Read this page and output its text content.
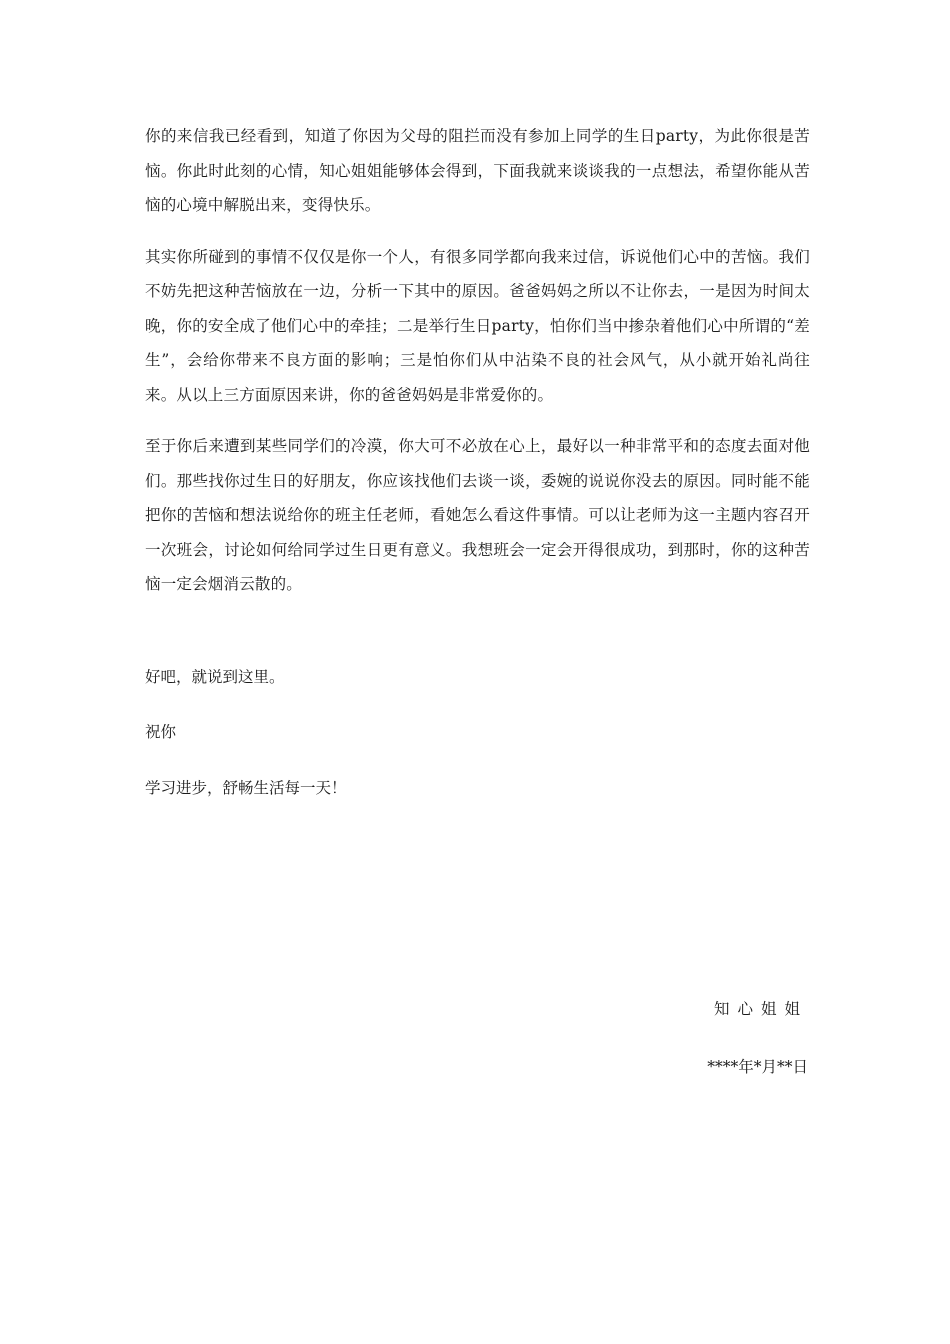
你的来信我已经看到，知道了你因为父母的阻拦而没有参加上同学的生日party，为此你很是苦恼。你此时此刻的心情，知心姐姐能够体会得到，下面我就来谈谈我的一点想法，希望你能从苦恼的心境中解脱出来，变得快乐。

其实你所碰到的事情不仅仅是你一个人，有很多同学都向我来过信，诉说他们心中的苦恼。我们不妨先把这种苦恼放在一边，分析一下其中的原因。爸爸妈妈之所以不让你去，一是因为时间太晚，你的安全成了他们心中的牵挂；二是举行生日party，怕你们当中掺杂着他们心中所谓的“差生”，会给你带来不良方面的影响；三是怕你们从中沾染不良的社会风气，从小就开始礼尚往来。从以上三方面原因来讲，你的爸爸妈妈是非常爱你的。

至于你后来遭到某些同学们的冷漠，你大可不必放在心上，最好以一种非常平和的态度去面对他们。那些找你过生日的好朋友，你应该找他们去谈一谈，委婉的说说你没去的原因。同时能不能把你的苦恼和想法说给你的班主任老师，看她怎么看这件事情。可以让老师为这一主题内容召开一次班会，讨论如何给同学过生日更有意义。我想班会一定会开得很成功，到那时，你的这种苦恼一定会烟消云散的。

好吧，就说到这里。

祝你

学习进步，舒畅生活每一天！

知心姐姐

****年*月**日
